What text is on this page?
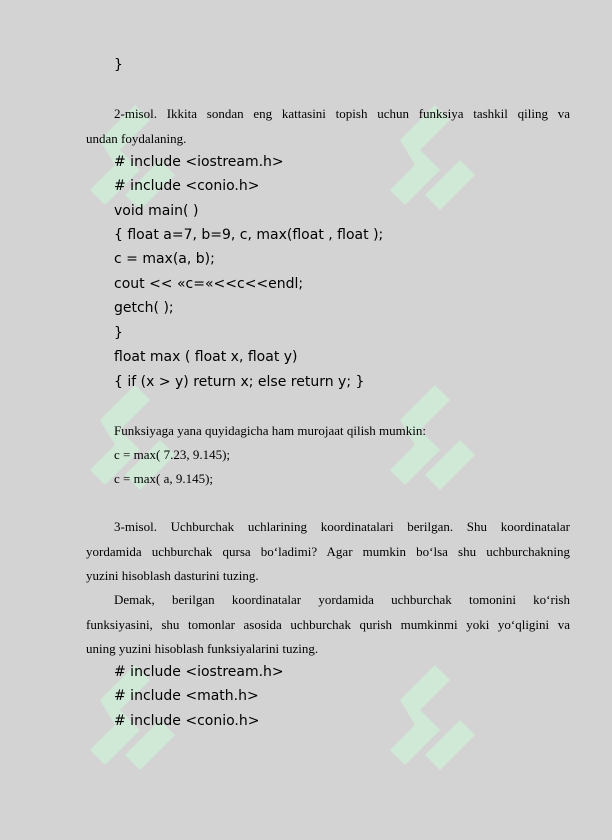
}
2-misol. Ikkita sondan eng kattasini topish uchun funksiya tashkil qiling va
undan foydalaning.
# include <iostream.h>
# include <conio.h>
void main( )
{ float a=7, b=9, c, max(float , float );
c = max(a, b);
cout << «c=«<<c<<endl;
getch( );
}
float max ( float x, float y)
{ if (x > y) return x; else return y; }
Funksiyaga yana quyidagicha ham murojaat qilish mumkin:
c = max( 7.23, 9.145);
c = max( a, 9.145);
3-misol. Uchburchak uchlarining koordinatalari berilgan. Shu koordinatalar
yordamida uchburchak qursa bo‘ladimi? Agar mumkin bo‘lsa shu uchburchakning
yuzini hisoblash dasturini tuzing.
Demak, berilgan koordinatalar yordamida uchburchak tomonini ko‘rish
funksiyasini, shu tomonlar asosida uchburchak qurish mumkinmi yoki yo‘qligini va
uning yuzini hisoblash funksiyalarini tuzing.
# include <iostream.h>
# include <math.h>
# include <conio.h>
